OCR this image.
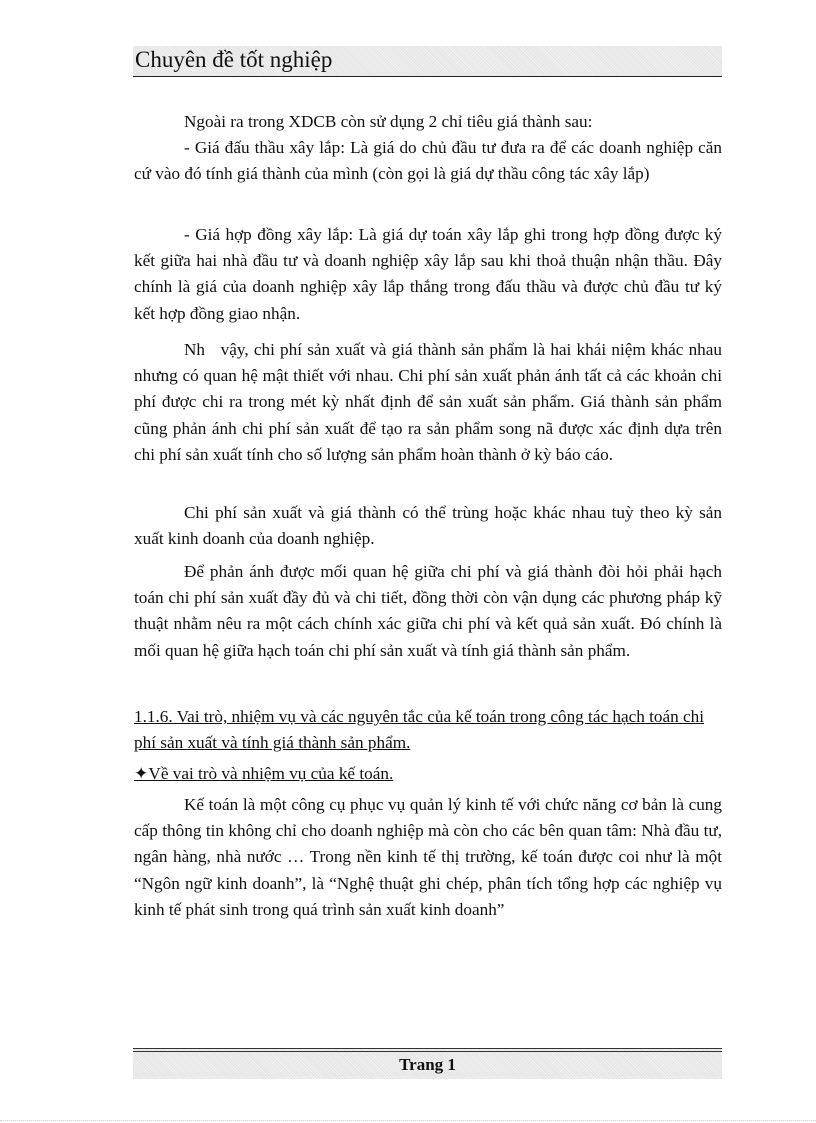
Chuyên đề tốt nghiệp

Ngoài ra trong XDCB còn sử dụng 2 chỉ tiêu giá thành sau:

- Giá đấu thầu xây lắp: Là giá do chủ đầu tư đưa ra để các doanh nghiệp căn cứ vào đó tính giá thành của mình (còn gọi là giá dự thầu công tác xây lắp)

- Giá hợp đồng xây lắp: Là giá dự toán xây lắp ghi trong hợp đồng được ký kết giữa hai nhà đầu tư và doanh nghiệp xây lắp sau khi thoả thuận nhận thầu. Đây chính là giá của doanh nghiệp xây lắp thắng trong đấu thầu và được chủ đầu tư ký kết hợp đồng giao nhận.

Nh   vậy, chi phí sản xuất và giá thành sản phẩm là hai khái niệm khác nhau nhưng có quan hệ mật thiết với nhau. Chi phí sản xuất phản ánh tất cả các khoản chi phí được chi ra trong mét kỳ nhất định để sản xuất sản phẩm. Giá thành sản phẩm cũng phản ánh chi phí sản xuất để tạo ra sản phẩm song nã được xác định dựa trên chi phí sản xuất tính cho số lượng sản phẩm hoàn thành ở kỳ báo cáo.

Chi phí sản xuất và giá thành có thể trùng hoặc khác nhau tuỳ theo kỳ sản xuất kinh doanh của doanh nghiệp.

Để phản ánh được mối quan hệ giữa chi phí và giá thành đòi hỏi phải hạch toán chi phí sản xuất đầy đủ và chi tiết, đồng thời còn vận dụng các phương pháp kỹ thuật nhằm nêu ra một cách chính xác giữa chi phí và kết quả sản xuất. Đó chính là mối quan hệ giữa hạch toán chi phí sản xuất và tính giá thành sản phẩm.

1.1.6. Vai trò, nhiệm vụ và các nguyên tắc của kế toán trong công tác hạch toán chi phí sản xuất và tính giá thành sản phẩm.

✦Về vai trò và nhiệm vụ của kế toán.

Kế toán là một công cụ phục vụ quản lý kinh tế với chức năng cơ bản là cung cấp thông tin không chỉ cho doanh nghiệp mà còn cho các bên quan tâm: Nhà đầu tư, ngân hàng, nhà nước … Trong nền kinh tế thị trường, kế toán được coi như là một “Ngôn ngữ kinh doanh”, là “Nghệ thuật ghi chép, phân tích tổng hợp các nghiệp vụ kinh tế phát sinh trong quá trình sản xuất kinh doanh”

Trang 1
